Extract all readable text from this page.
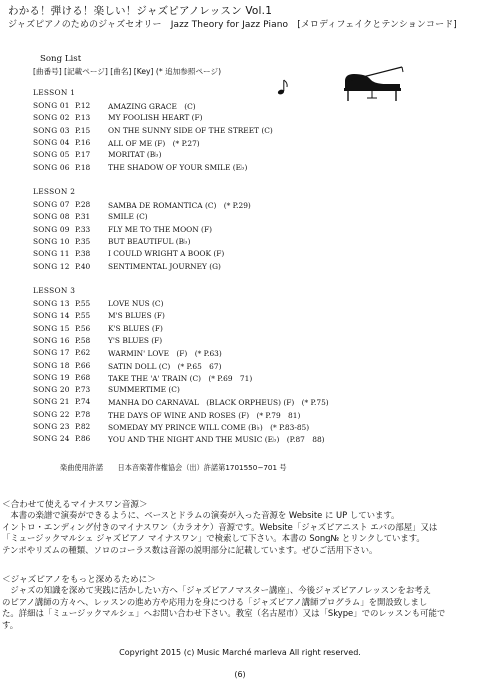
わかる！弾ける！楽しい！ジャズピアノレッスン Vol.1
ジャズピアノのためのジャズセオリー　Jazz Theory for Jazz Piano　[メロディフェイクとテンションコード]
Song List
[曲番号] [記載ページ] [曲名] [Key] (* 追加参照ページ)
LESSON 1
SONG 01 P.12 AMAZING GRACE　(C)
SONG 02 P.13 MY FOOLISH HEART (F)
SONG 03 P.15 ON THE SUNNY SIDE OF THE STREET (C)
SONG 04 P.16 ALL OF ME (F)　(* P.27)
SONG 05 P.17 MORITAT (B♭)
SONG 06 P.18 THE SHADOW OF YOUR SMILE (E♭)
LESSON 2
SONG 07 P.28 SAMBA DE ROMANTICA (C)　(* P.29)
SONG 08 P.31 SMILE (C)
SONG 09 P.33 FLY ME TO THE MOON (F)
SONG 10 P.35 BUT BEAUTIFUL (B♭)
SONG 11 P.38 I COULD WRIGHT A BOOK (F)
SONG 12 P.40 SENTIMENTAL JOURNEY (G)
LESSON 3
SONG 13 P.55 LOVE NUS (C)
SONG 14 P.55 M'S BLUES (F)
SONG 15 P.56 K'S BLUES (F)
SONG 16 P.58 Y'S BLUES (F)
SONG 17 P.62 WARMIN' LOVE　(F)　(* P.63)
SONG 18 P.66 SATIN DOLL (C)　(* P.65　67)
SONG 19 P.68 TAKE THE 'A' TRAIN (C)　(* P.69　71)
SONG 20 P.73 SUMMERTIME (C)
SONG 21 P.74 MANHA DO CARNAVAL　(BLACK ORPHEUS) (F)　(* P.75)
SONG 22 P.78 THE DAYS OF WINE AND ROSES (F)　(* P.79　81)
SONG 23 P.82 SOMEDAY MY PRINCE WILL COME (B♭)　(* P.83-85)
SONG 24 P.86 YOU AND THE NIGHT AND THE MUSIC (E♭)　(P.87　88)
楽曲使用許諾　　日本音楽著作権協会（出）許諾第1701550−701 号
＜合わせて使えるマイナスワン音源＞
　本書の楽譜で演奏ができるように、ベースとドラムの演奏が入った音源を Website に UP しています。
イントロ・エンディング付きのマイナスワン（カラオケ）音源です。Website「ジャズピアニスト エバの部屋」又は
「ミュージックマルシェ ジャズピアノ マイナスワン」で検索して下さい。本書の Song№ とリンクしています。
テンポやリズムの種類、ソロのコーラス数は音源の説明部分に記載しています。ぜひご活用下さい。
＜ジャズピアノをもっと深めるために＞
　ジャズの知識を深めて実践に活かしたい方へ「ジャズピアノマスター講座」、今後ジャズピアノレッスンをお考え
のピアノ講師の方々へ、レッスンの進め方や応用力を身につける「ジャズピアノ講師プログラム」を開設致しまし
た。詳細は「ミュージックマルシェ」へお問い合わせ下さい。教室（名古屋市）又は「Skype」でのレッスンも可能で
す。
Copyright 2015 (c) Music Marché marleva All right reserved.
(6)
